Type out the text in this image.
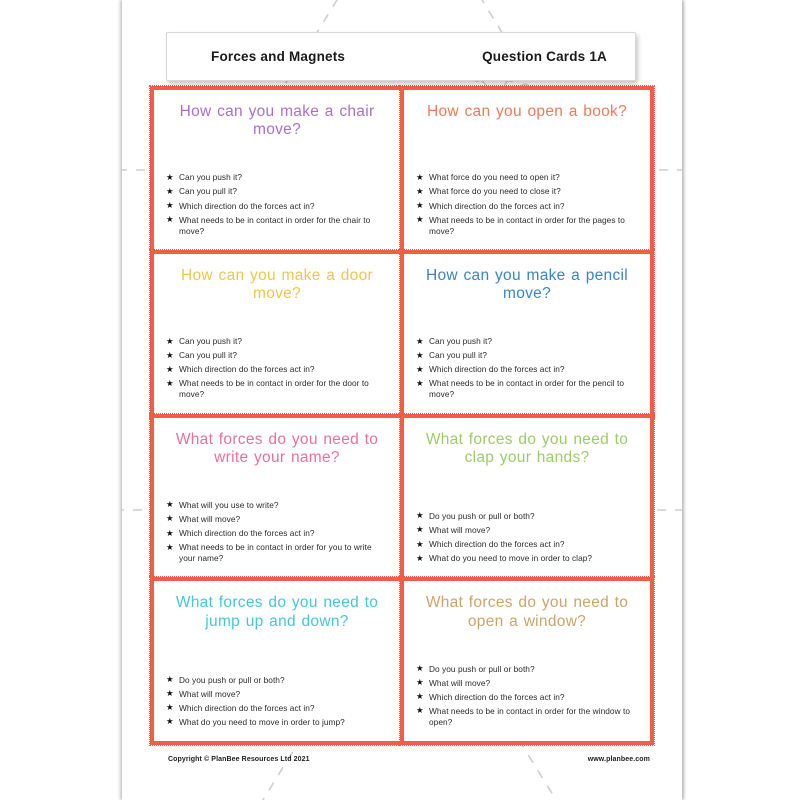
Forces and Magnets	Question Cards 1A
How can you make a chair move?
★ Can you push it?
★ Can you pull it?
★ Which direction do the forces act in?
★ What needs to be in contact in order for the chair to move?
How can you open a book?
★ What force do you need to open it?
★ What force do you need to close it?
★ Which direction do the forces act in?
★ What needs to be in contact in order for the pages to move?
How can you make a door move?
★ Can you push it?
★ Can you pull it?
★ Which direction do the forces act in?
★ What needs to be in contact in order for the door to move?
How can you make a pencil move?
★ Can you push it?
★ Can you pull it?
★ Which direction do the forces act in?
★ What needs to be in contact in order for the pencil to move?
What forces do you need to write your name?
★ What will you use to write?
★ What will move?
★ Which direction do the forces act in?
★ What needs to be in contact in order for you to write your name?
What forces do you need to clap your hands?
★ Do you push or pull or both?
★ What will move?
★ Which direction do the forces act in?
★ What do you need to move in order to clap?
What forces do you need to jump up and down?
★ Do you push or pull or both?
★ What will move?
★ Which direction do the forces act in?
★ What do you need to move in order to jump?
What forces do you need to open a window?
★ Do you push or pull or both?
★ What will move?
★ Which direction do the forces act in?
★ What needs to be in contact in order for the window to open?
Copyright © PlanBee Resources Ltd 2021	www.planbee.com
